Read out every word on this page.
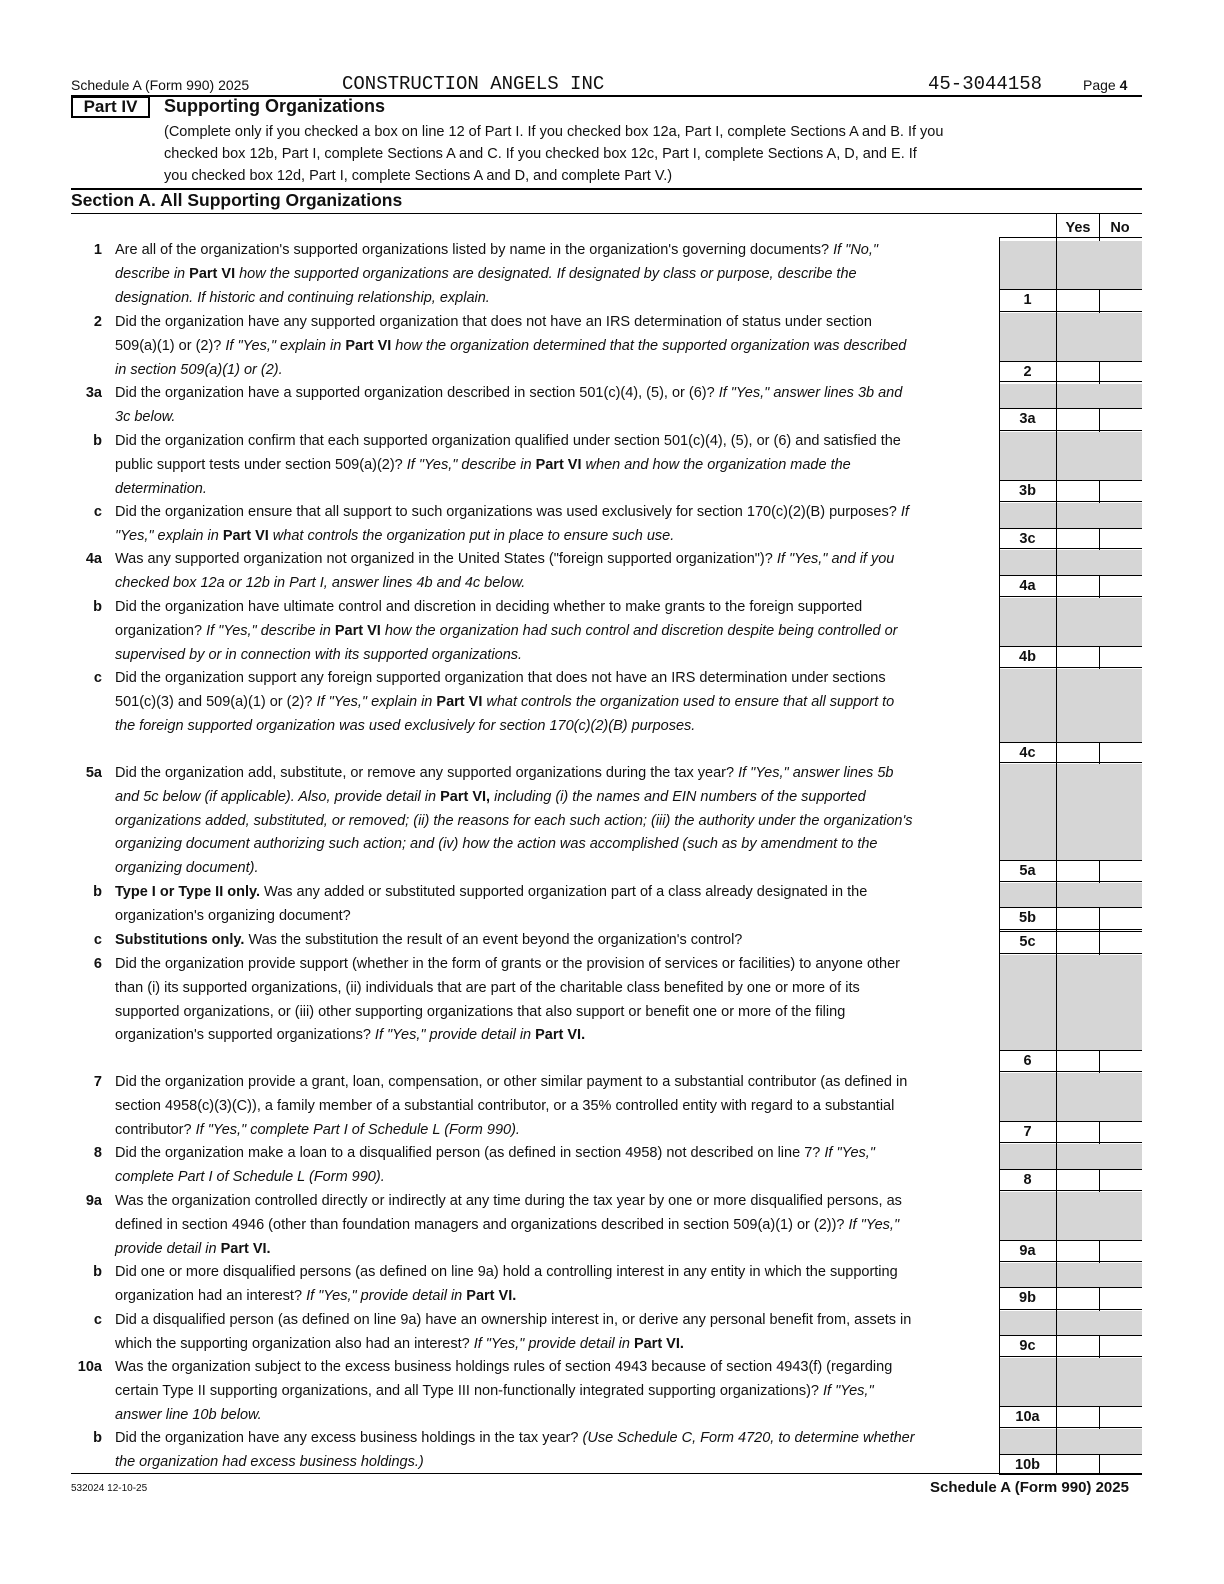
Schedule A (Form 990) 2025	CONSTRUCTION ANGELS INC	45-3044158	Page 4
Part IV	Supporting Organizations
(Complete only if you checked a box on line 12 of Part I. If you checked box 12a, Part I, complete Sections A and B. If you checked box 12b, Part I, complete Sections A and C. If you checked box 12c, Part I, complete Sections A, D, and E. If you checked box 12d, Part I, complete Sections A and D, and complete Part V.)
Section A. All Supporting Organizations
Yes	No
1
1 Are all of the organization's supported organizations listed by name in the organization's governing documents? If "No," describe in Part VI how the supported organizations are designated. If designated by class or purpose, describe the designation. If historic and continuing relationship, explain.
2
2 Did the organization have any supported organization that does not have an IRS determination of status under section 509(a)(1) or (2)? If "Yes," explain in Part VI how the organization determined that the supported organization was described in section 509(a)(1) or (2).
3a
3a Did the organization have a supported organization described in section 501(c)(4), (5), or (6)? If "Yes," answer lines 3b and 3c below.
3b
b Did the organization confirm that each supported organization qualified under section 501(c)(4), (5), or (6) and satisfied the public support tests under section 509(a)(2)? If "Yes," describe in Part VI when and how the organization made the determination.
3c
c Did the organization ensure that all support to such organizations was used exclusively for section 170(c)(2)(B) purposes? If "Yes," explain in Part VI what controls the organization put in place to ensure such use.
4a
4a Was any supported organization not organized in the United States ("foreign supported organization")? If "Yes," and if you checked box 12a or 12b in Part I, answer lines 4b and 4c below.
4b
b Did the organization have ultimate control and discretion in deciding whether to make grants to the foreign supported organization? If "Yes," describe in Part VI how the organization had such control and discretion despite being controlled or supervised by or in connection with its supported organizations.
4c
c Did the organization support any foreign supported organization that does not have an IRS determination under sections 501(c)(3) and 509(a)(1) or (2)? If "Yes," explain in Part VI what controls the organization used to ensure that all support to the foreign supported organization was used exclusively for section 170(c)(2)(B) purposes.
5a
5a Did the organization add, substitute, or remove any supported organizations during the tax year? If "Yes," answer lines 5b and 5c below (if applicable). Also, provide detail in Part VI, including (i) the names and EIN numbers of the supported organizations added, substituted, or removed; (ii) the reasons for each such action; (iii) the authority under the organization's organizing document authorizing such action; and (iv) how the action was accomplished (such as by amendment to the organizing document).
5b
b Type I or Type II only. Was any added or substituted supported organization part of a class already designated in the organization's organizing document?
5c
c Substitutions only. Was the substitution the result of an event beyond the organization's control?
6
6 Did the organization provide support (whether in the form of grants or the provision of services or facilities) to anyone other than (i) its supported organizations, (ii) individuals that are part of the charitable class benefited by one or more of its supported organizations, or (iii) other supporting organizations that also support or benefit one or more of the filing organization's supported organizations? If "Yes," provide detail in Part VI.
7
7 Did the organization provide a grant, loan, compensation, or other similar payment to a substantial contributor (as defined in section 4958(c)(3)(C)), a family member of a substantial contributor, or a 35% controlled entity with regard to a substantial contributor? If "Yes," complete Part I of Schedule L (Form 990).
8
8 Did the organization make a loan to a disqualified person (as defined in section 4958) not described on line 7? If "Yes," complete Part I of Schedule L (Form 990).
9a
9a Was the organization controlled directly or indirectly at any time during the tax year by one or more disqualified persons, as defined in section 4946 (other than foundation managers and organizations described in section 509(a)(1) or (2))? If "Yes," provide detail in Part VI.
9b
b Did one or more disqualified persons (as defined on line 9a) hold a controlling interest in any entity in which the supporting organization had an interest? If "Yes," provide detail in Part VI.
9c
c Did a disqualified person (as defined on line 9a) have an ownership interest in, or derive any personal benefit from, assets in which the supporting organization also had an interest? If "Yes," provide detail in Part VI.
10a
10a Was the organization subject to the excess business holdings rules of section 4943 because of section 4943(f) (regarding certain Type II supporting organizations, and all Type III non-functionally integrated supporting organizations)? If "Yes," answer line 10b below.
10b
b Did the organization have any excess business holdings in the tax year? (Use Schedule C, Form 4720, to determine whether the organization had excess business holdings.)
532024 12-10-25	Schedule A (Form 990) 2025
